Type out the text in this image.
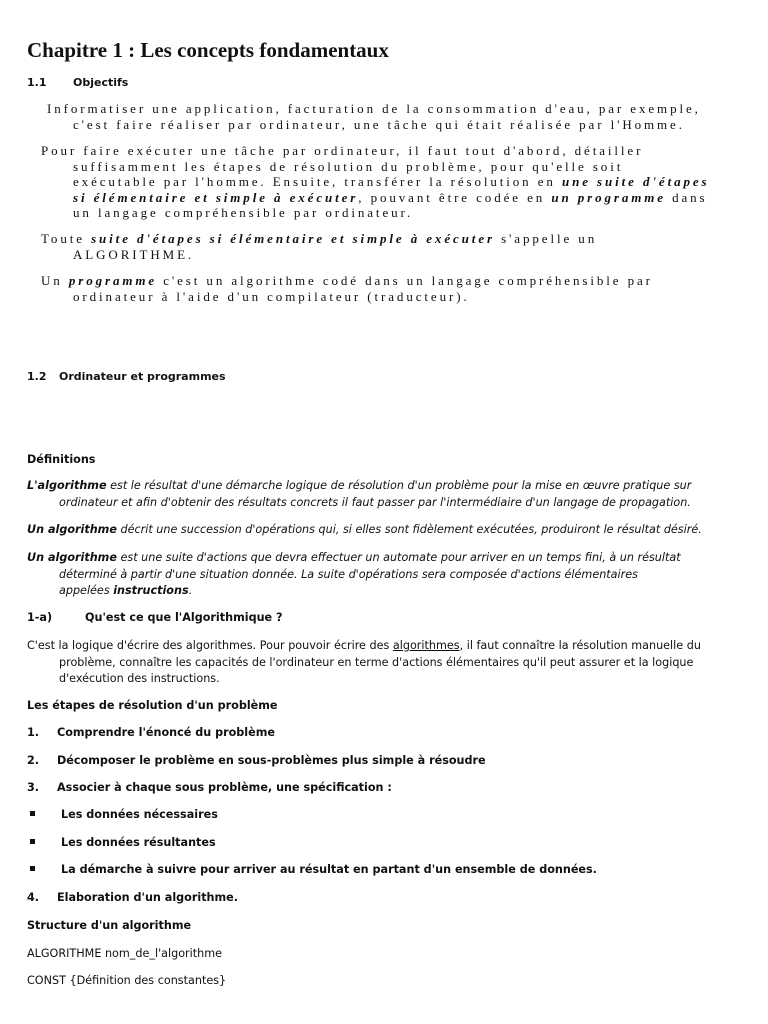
Chapitre 1 : Les concepts fondamentaux
1.1 Objectifs

Informatiser une application, facturation de la consommation d'eau, par exemple,
c'est faire réaliser par ordinateur, une tâche qui était réalisée par l'Homme.

Pour faire exécuter une tâche par ordinateur, il faut tout d'abord, détailler
suffisamment les étapes de résolution du problème, pour qu'elle soit
exécutable par l'homme. Ensuite, transférer la résolution en une suite d'étapes
si élémentaire et simple à exécuter, pouvant être codée en un programme dans
un langage compréhensible par ordinateur.

Toute suite d'étapes si élémentaire et simple à exécuter s'appelle un
ALGORITHME.

Un programme c'est un algorithme codé dans un langage compréhensible par
ordinateur à l'aide d'un compilateur (traducteur).

1.2 Ordinateur et programmes
Définitions

L'algorithme est le résultat d'une démarche logique de résolution d'un problème pour la mise en œuvre pratique sur
ordinateur et afin d'obtenir des résultats concrets il faut passer par l'intermédiaire d'un langage de propagation.

Un algorithme décrit une succession d'opérations qui, si elles sont fidèlement exécutées, produiront le résultat désiré.

Un algorithme est une suite d'actions que devra effectuer un automate pour arriver en un temps fini, à un résultat
déterminé à partir d'une situation donnée. La suite d'opérations sera composée d'actions élémentaires
appelées instructions.

1-a)	Qu'est ce que l'Algorithmique ?

C'est la logique d'écrire des algorithmes. Pour pouvoir écrire des algorithmes, il faut connaître la résolution manuelle du
problème, connaître les capacités de l'ordinateur en terme d'actions élémentaires qu'il peut assurer et la logique
d'exécution des instructions.

Les étapes de résolution d'un problème
1. Comprendre l'énoncé du problème
2. Décomposer le problème en sous-problèmes plus simple à résoudre
3. Associer à chaque sous problème, une spécification :
Les données nécessaires
Les données résultantes
La démarche à suivre pour arriver au résultat en partant d'un ensemble de données.
4. Elaboration d'un algorithme.
Structure d'un algorithme
ALGORITHME nom_de_l'algorithme
CONST {Définition des constantes}
